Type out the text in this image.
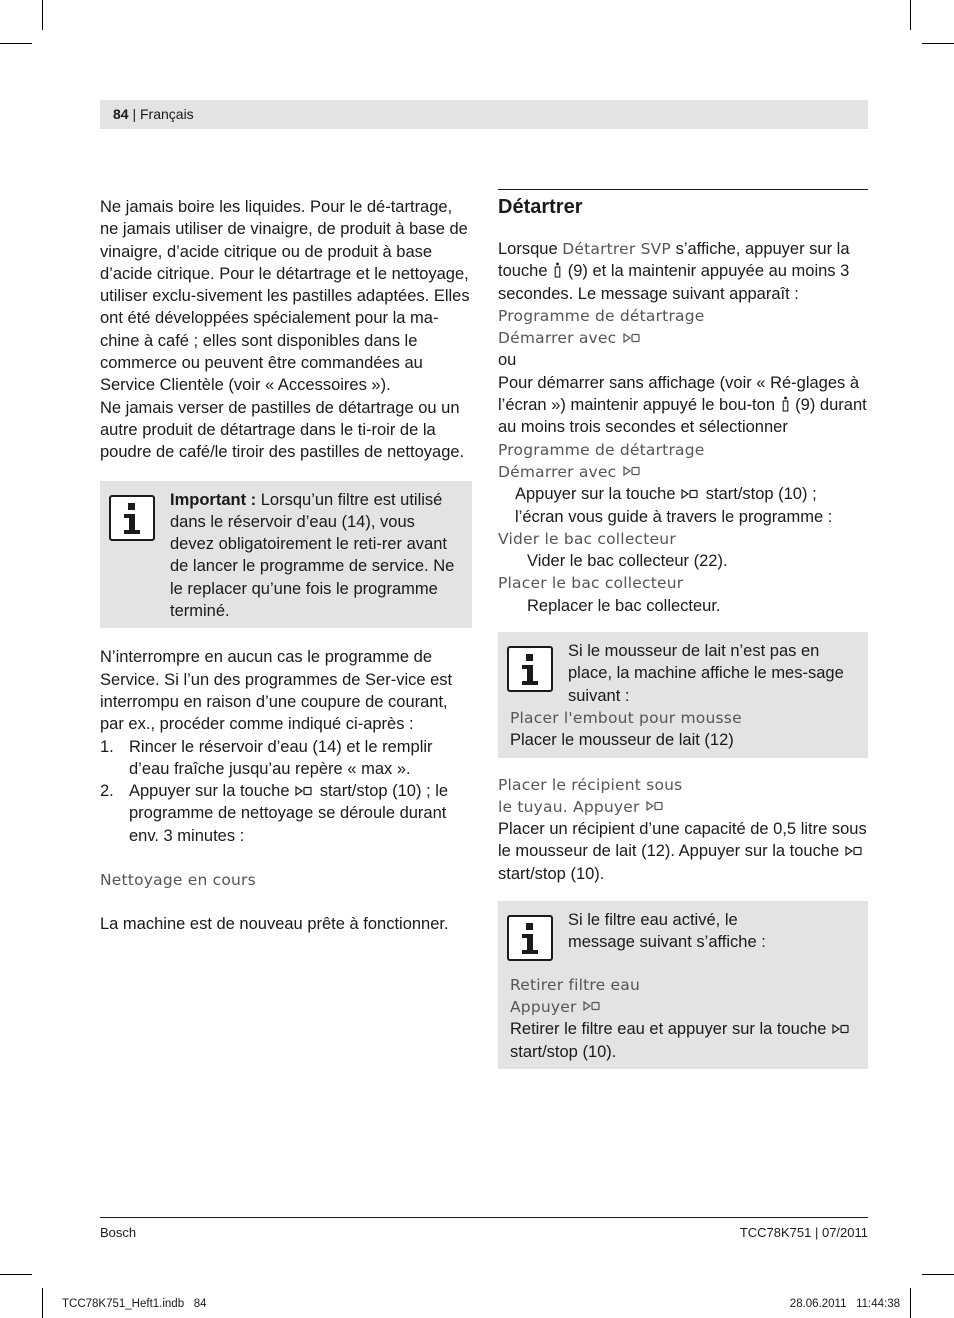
84 | Français

Ne jamais boire les liquides. Pour le dé-tartrage, ne jamais utiliser de vinaigre, de produit à base de vinaigre, d’acide citrique ou de produit à base d’acide citrique. Pour le détartrage et le nettoyage, utiliser exclu-sivement les pastilles adaptées. Elles ont été développées spécialement pour la ma-chine à café ; elles sont disponibles dans le commerce ou peuvent être commandées au Service Clientèle (voir « Accessoires »).

Ne jamais verser de pastilles de détartrage ou un autre produit de détartrage dans le ti-roir de la poudre de café/le tiroir des pastilles de nettoyage.

Important : Lorsqu’un filtre est utilisé dans le réservoir d’eau (14), vous devez obligatoirement le reti-rer avant de lancer le programme de service. Ne le replacer qu’une fois le programme terminé.

N’interrompre en aucun cas le programme de Service. Si l’un des programmes de Ser-vice est interrompu en raison d’une coupure de courant, par ex., procéder comme indiqué ci-après :

1. Rincer le réservoir d’eau (14) et le remplir d’eau fraîche jusqu’au repère « max ».
2. Appuyer sur la touche  start/stop (10) ; le programme de nettoyage se déroule durant env. 3 minutes :

Nettoyage en cours

La machine est de nouveau prête à fonctionner.

Détartrer

Lorsque Détartrer SVP s’affiche, appuyer sur la touche  (9) et la maintenir appuyée au moins 3 secondes. Le message suivant apparaît :

Programme de détartrage

Démarrer avec

ou

Pour démarrer sans affichage (voir « Ré-glages à l’écran ») maintenir appuyé le bou-ton  (9) durant au moins trois secondes et sélectionner

Programme de détartrage

Démarrer avec

Appuyer sur la touche  start/stop (10) ; l’écran vous guide à travers le programme :

Vider le bac collecteur

Vider le bac collecteur (22).

Placer le bac collecteur

Replacer le bac collecteur.

Si le mousseur de lait n’est pas en place, la machine affiche le mes-sage suivant :

Placer l'embout pour mousse

Placer le mousseur de lait (12)

Placer le récipient sous

le tuyau. Appuyer

Placer un récipient d’une capacité de 0,5 litre sous le mousseur de lait (12). Appuyer sur la touche  start/stop (10).

Si le filtre eau activé, le message suivant s’affiche :

Retirer filtre eau

Appuyer

Retirer le filtre eau et appuyer sur la touche  start/stop (10).

Bosch	TCC78K751 | 07/2011
TCC78K751_Heft1.indb   84	28.06.2011   11:44:38
